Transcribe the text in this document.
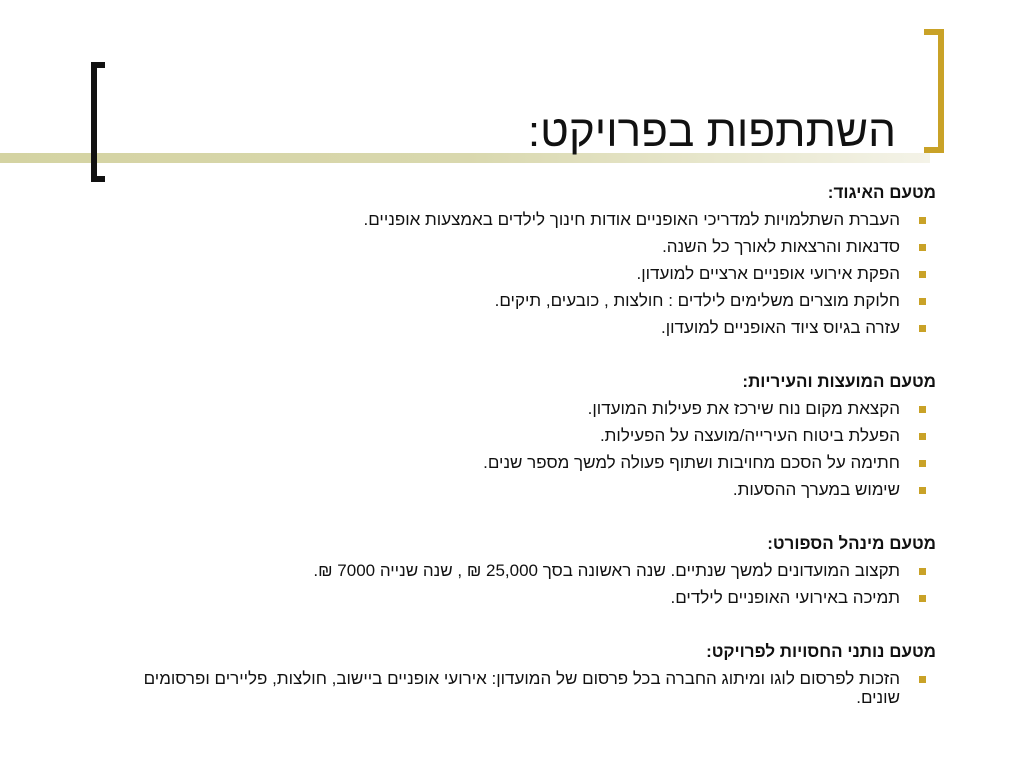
השתתפות בפרויקט:

מטעם האיגוד:

העברת השתלמויות למדריכי האופניים אודות חינוך לילדים באמצעות אופניים.
סדנאות והרצאות לאורך כל השנה.
הפקת אירועי אופניים ארציים למועדון.
חלוקת מוצרים משלימים לילדים : חולצות , כובעים, תיקים.
עזרה בגיוס ציוד האופניים למועדון.

מטעם המועצות והעיריות:

הקצאת מקום נוח שירכז את פעילות המועדון.
הפעלת ביטוח העירייה/מועצה על הפעילות.
חתימה על הסכם מחויבות ושתוף פעולה למשך מספר שנים.
שימוש במערך ההסעות.

מטעם מינהל הספורט:

תקצוב המועדונים למשך שנתיים. שנה ראשונה בסך 25,000 ₪ , שנה שנייה 7000 ₪.
תמיכה באירועי האופניים לילדים.

מטעם נותני החסויות לפרויקט:

הזכות לפרסום לוגו ומיתוג החברה בכל פרסום של המועדון: אירועי אופניים ביישוב, חולצות, פליירים ופרסומים שונים.
